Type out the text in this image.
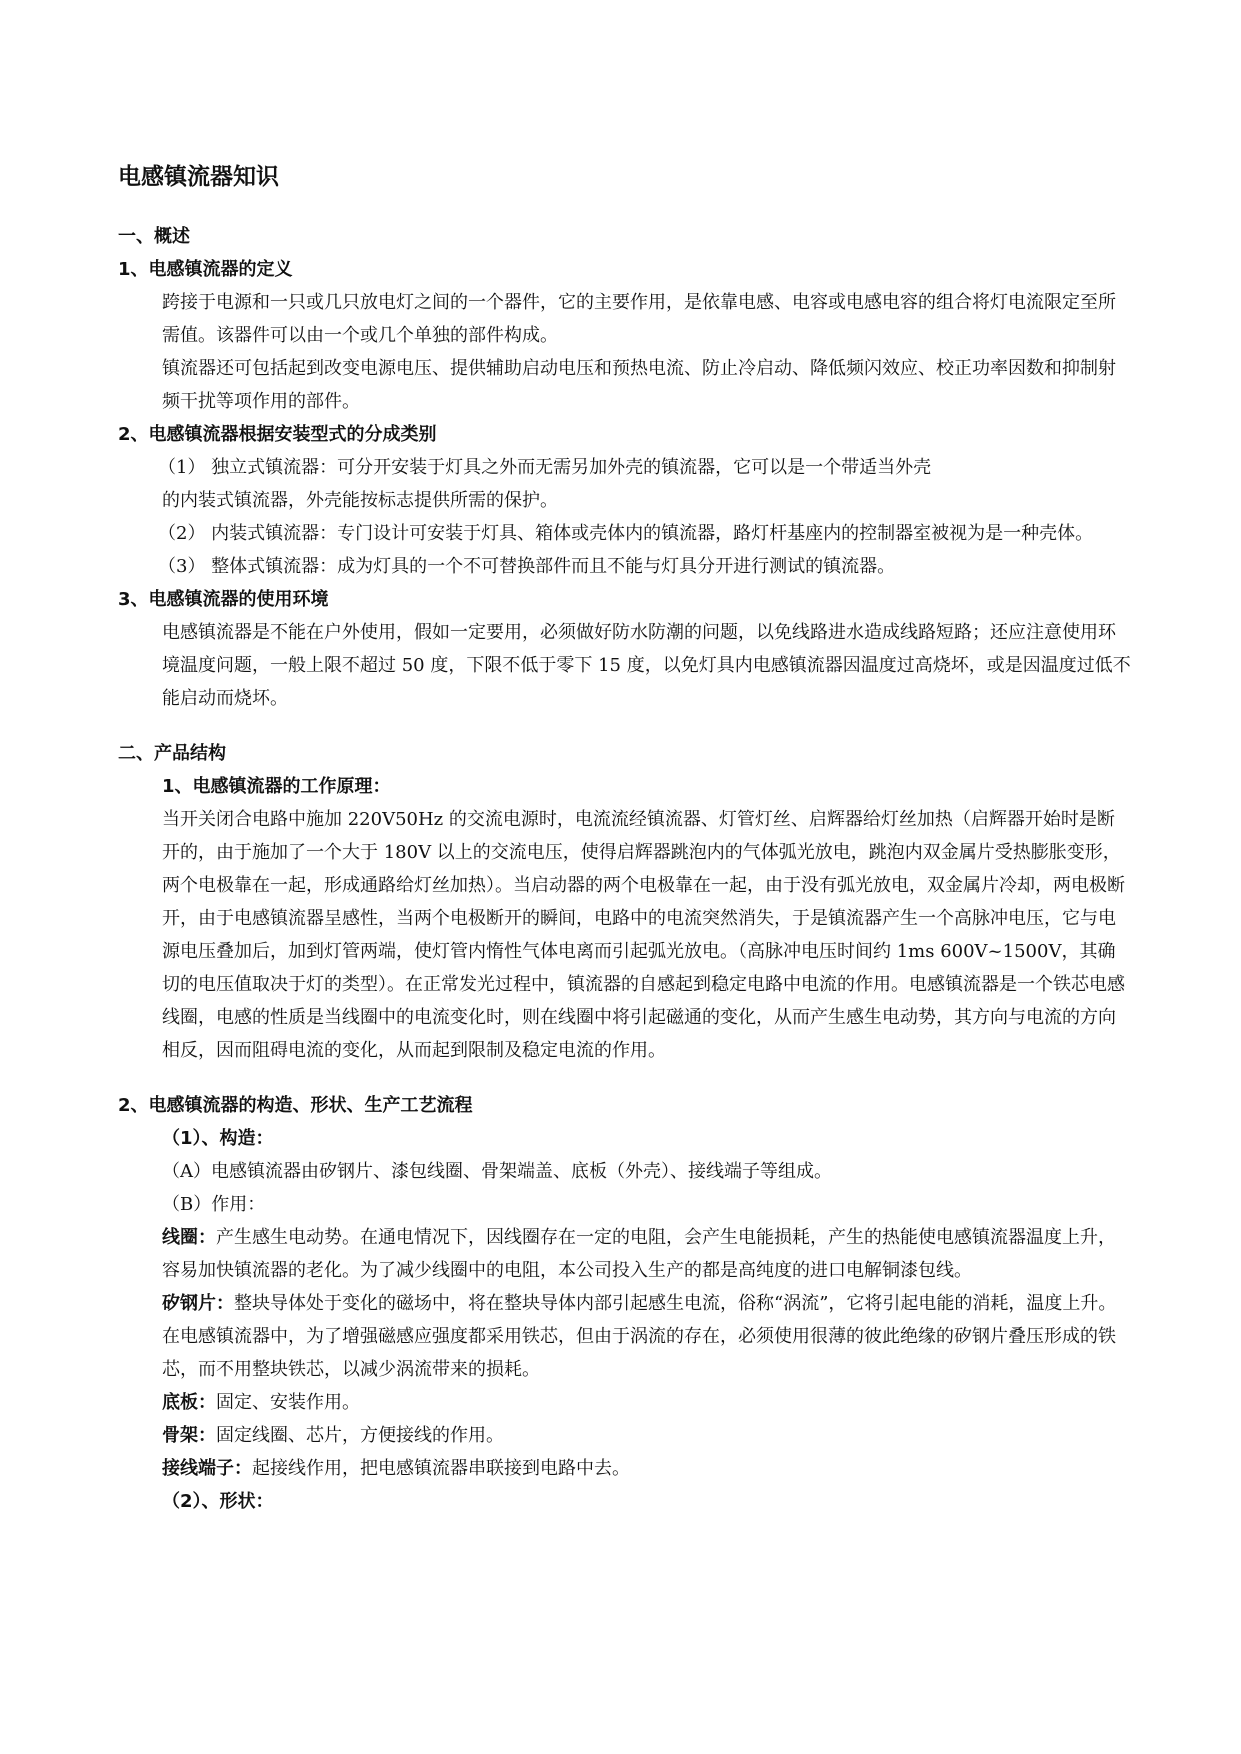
电感镇流器知识
一、概述
1、电感镇流器的定义

跨接于电源和一只或几只放电灯之间的一个器件，它的主要作用，是依靠电感、电容或电感电容的组合将灯电流限定至所需值。该器件可以由一个或几个单独的部件构成。

镇流器还可包括起到改变电源电压、提供辅助启动电压和预热电流、防止冷启动、降低频闪效应、校正功率因数和抑制射频干扰等项作用的部件。

2、电感镇流器根据安装型式的分成类别

（1） 独立式镇流器：可分开安装于灯具之外而无需另加外壳的镇流器，它可以是一个带适当外壳

的内装式镇流器，外壳能按标志提供所需的保护。

（2） 内装式镇流器：专门设计可安装于灯具、箱体或壳体内的镇流器，路灯杆基座内的控制器室被视为是一种壳体。

（3） 整体式镇流器：成为灯具的一个不可替换部件而且不能与灯具分开进行测试的镇流器。

3、电感镇流器的使用环境

电感镇流器是不能在户外使用，假如一定要用，必须做好防水防潮的问题，以免线路进水造成线路短路；还应注意使用环境温度问题，一般上限不超过 50 度，下限不低于零下 15 度，以免灯具内电感镇流器因温度过高烧坏，或是因温度过低不能启动而烧坏。

二、产品结构
1、电感镇流器的工作原理：

当开关闭合电路中施加 220V50Hz 的交流电源时，电流流经镇流器、灯管灯丝、启辉器给灯丝加热（启辉器开始时是断开的，由于施加了一个大于 180V 以上的交流电压，使得启辉器跳泡内的气体弧光放电，跳泡内双金属片受热膨胀变形，两个电极靠在一起，形成通路给灯丝加热）。当启动器的两个电极靠在一起，由于没有弧光放电，双金属片冷却，两电极断开，由于电感镇流器呈感性，当两个电极断开的瞬间，电路中的电流突然消失，于是镇流器产生一个高脉冲电压，它与电源电压叠加后，加到灯管两端，使灯管内惰性气体电离而引起弧光放电。（高脉冲电压时间约 1ms 600V~1500V，其确切的电压值取决于灯的类型）。在正常发光过程中，镇流器的自感起到稳定电路中电流的作用。电感镇流器是一个铁芯电感线圈，电感的性质是当线圈中的电流变化时，则在线圈中将引起磁通的变化，从而产生感生电动势，其方向与电流的方向相反，因而阻碍电流的变化，从而起到限制及稳定电流的作用。

2、电感镇流器的构造、形状、生产工艺流程
（1）、构造：

（A）电感镇流器由矽钢片、漆包线圈、骨架端盖、底板（外壳）、接线端子等组成。

（B）作用：

线圈：产生感生电动势。在通电情况下，因线圈存在一定的电阻，会产生电能损耗，产生的热能使电感镇流器温度上升，容易加快镇流器的老化。为了减少线圈中的电阻，本公司投入生产的都是高纯度的进口电解铜漆包线。

矽钢片：整块导体处于变化的磁场中，将在整块导体内部引起感生电流，俗称“涡流”，它将引起电能的消耗，温度上升。在电感镇流器中，为了增强磁感应强度都采用铁芯，但由于涡流的存在，必须使用很薄的彼此绝缘的矽钢片叠压形成的铁芯，而不用整块铁芯，以减少涡流带来的损耗。

底板：固定、安装作用。

骨架：固定线圈、芯片，方便接线的作用。

接线端子：起接线作用，把电感镇流器串联接到电路中去。

（2）、形状：
